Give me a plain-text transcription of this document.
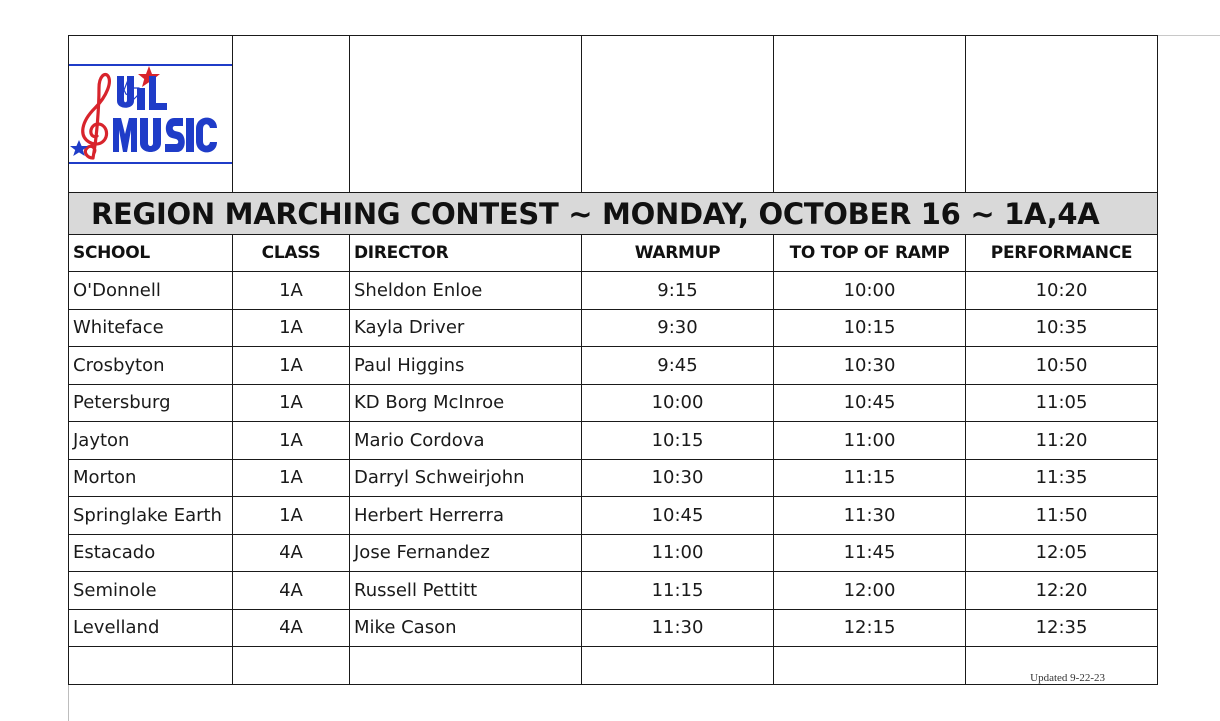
REGION MARCHING CONTEST ~ MONDAY, OCTOBER 16 ~ 1A,4A					
SCHOOL	CLASS	DIRECTOR	WARMUP	TO TOP OF RAMP	PERFORMANCE
O'Donnell	1A	Sheldon Enloe	9:15	10:00	10:20
Whiteface	1A	Kayla Driver	9:30	10:15	10:35
Crosbyton	1A	Paul Higgins	9:45	10:30	10:50
Petersburg	1A	KD Borg McInroe	10:00	10:45	11:05
Jayton	1A	Mario Cordova	10:15	11:00	11:20
Morton	1A	Darryl Schweirjohn	10:30	11:15	11:35
Springlake Earth	1A	Herbert Herrerra	10:45	11:30	11:50
Estacado	4A	Jose Fernandez	11:00	11:45	12:05
Seminole	4A	Russell Pettitt	11:15	12:00	12:20
Levelland	4A	Mike Cason	11:30	12:15	12:35

					Updated 9-22-23
